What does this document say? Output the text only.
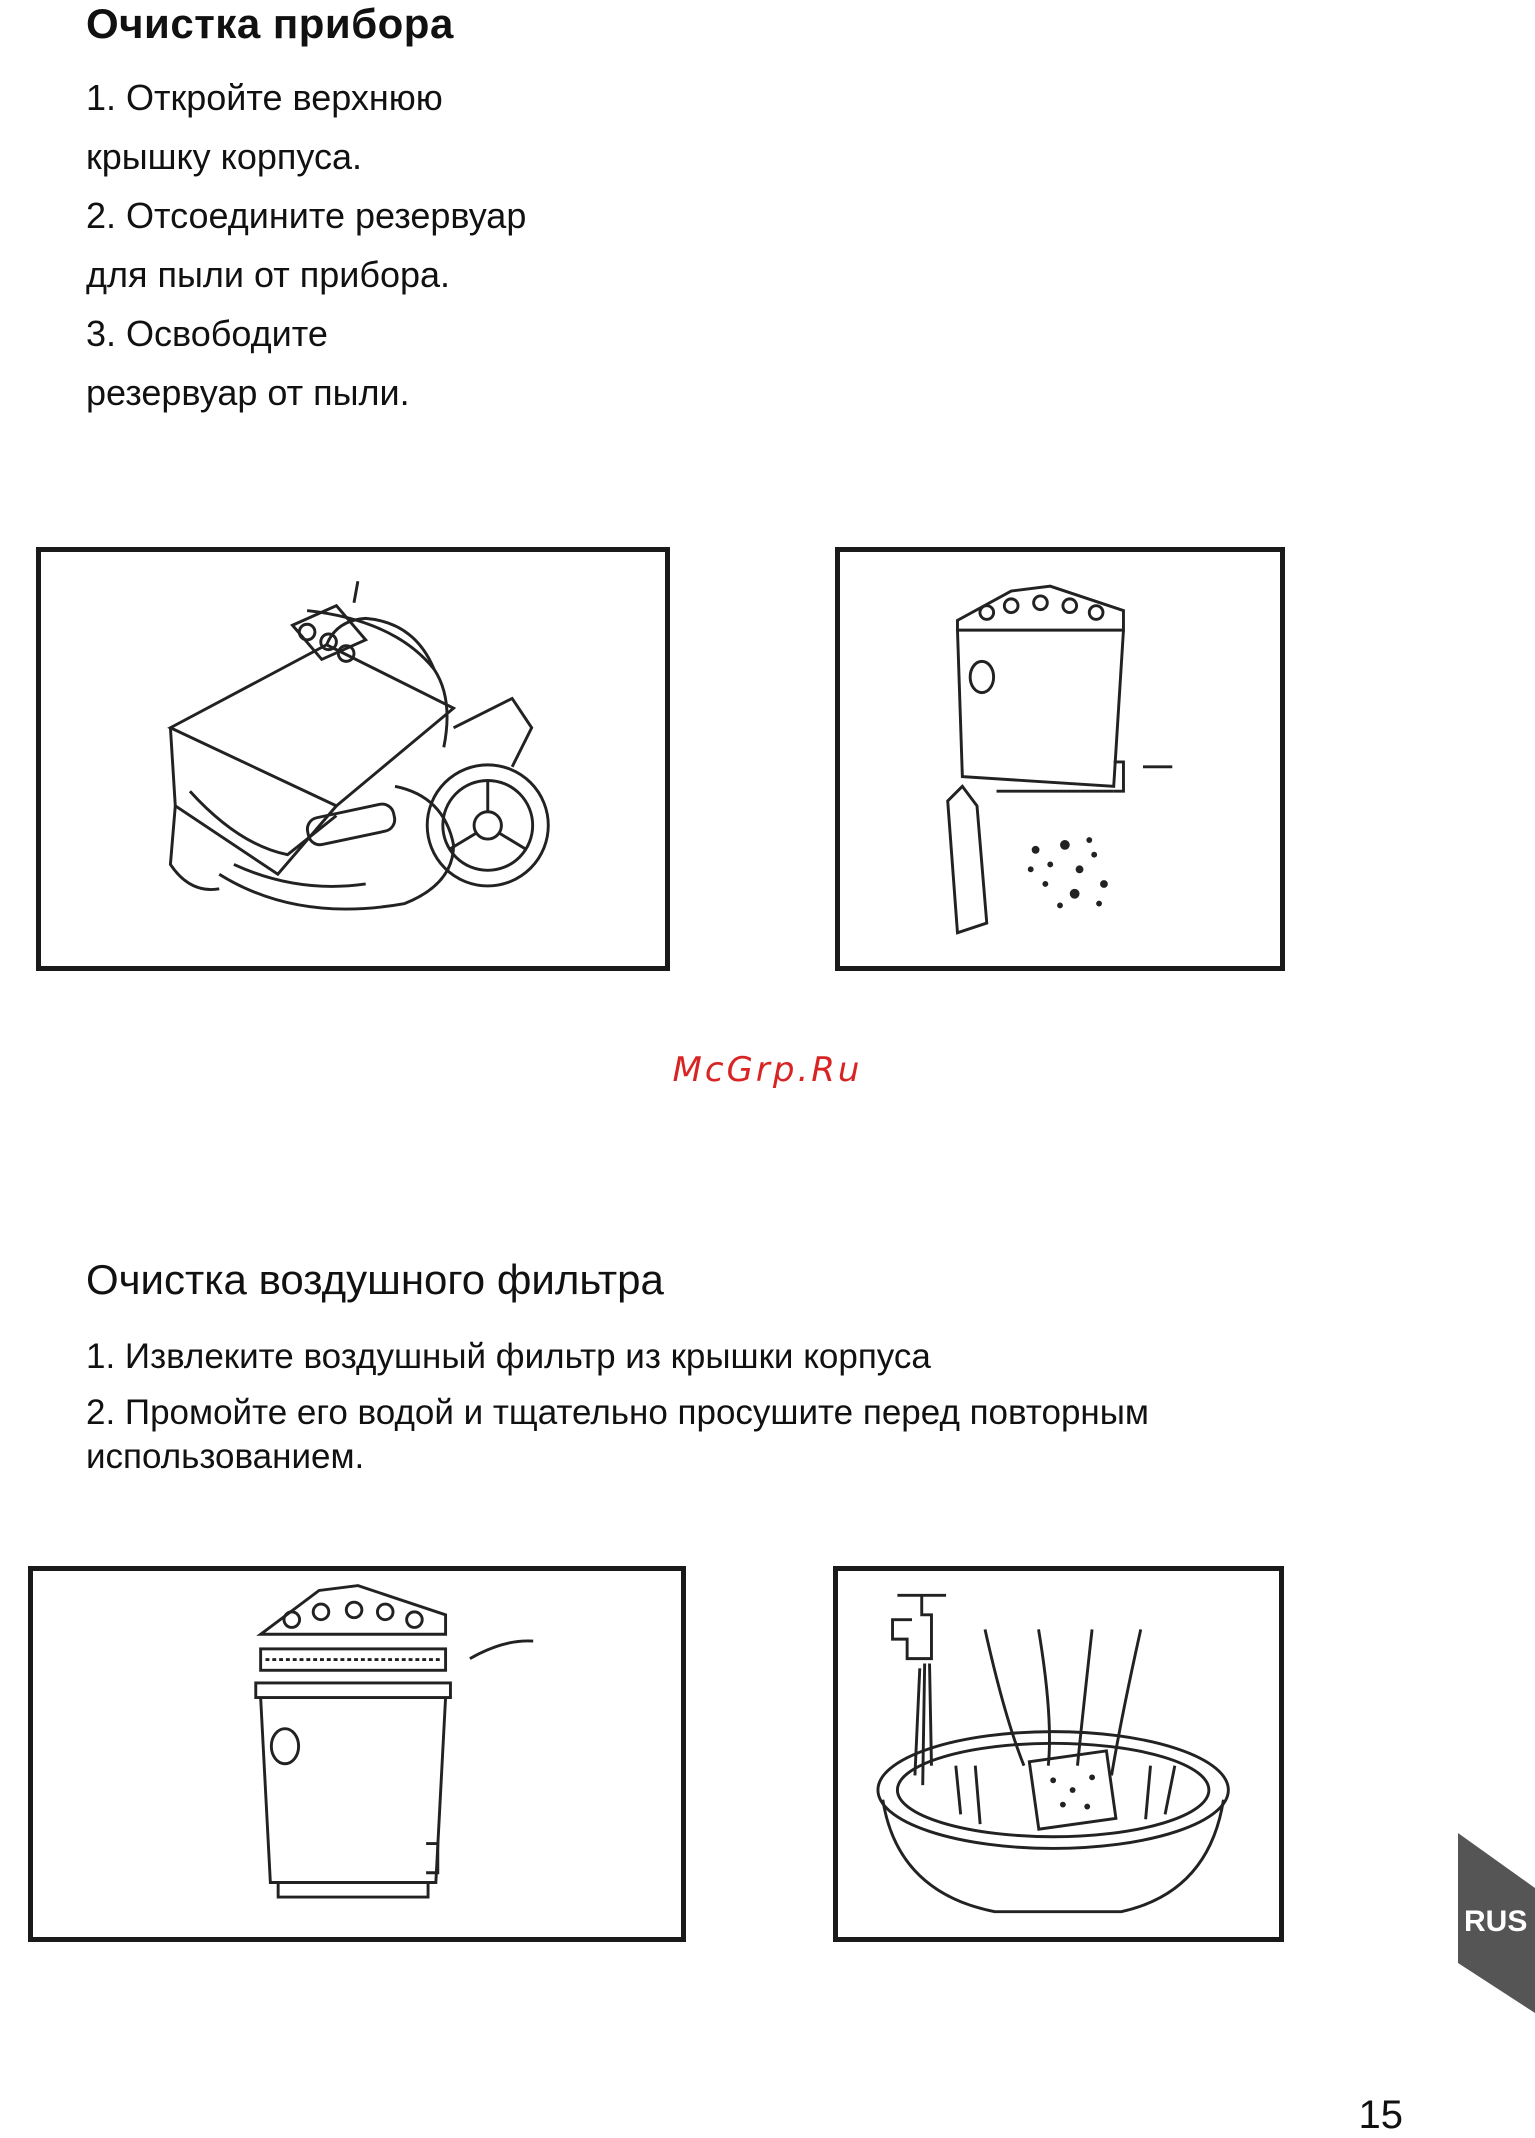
Очистка прибора
1. Откройте верхнюю
крышку корпуса.
2. Отсоедините резервуар
для пыли от прибора.
3. Освободите
резервуар от пыли.
McGrp.Ru
Очистка воздушного фильтра
1. Извлеките воздушный фильтр из крышки корпуса
2. Промойте его водой и тщательно просушите перед повторным
использованием.
RUS
15
